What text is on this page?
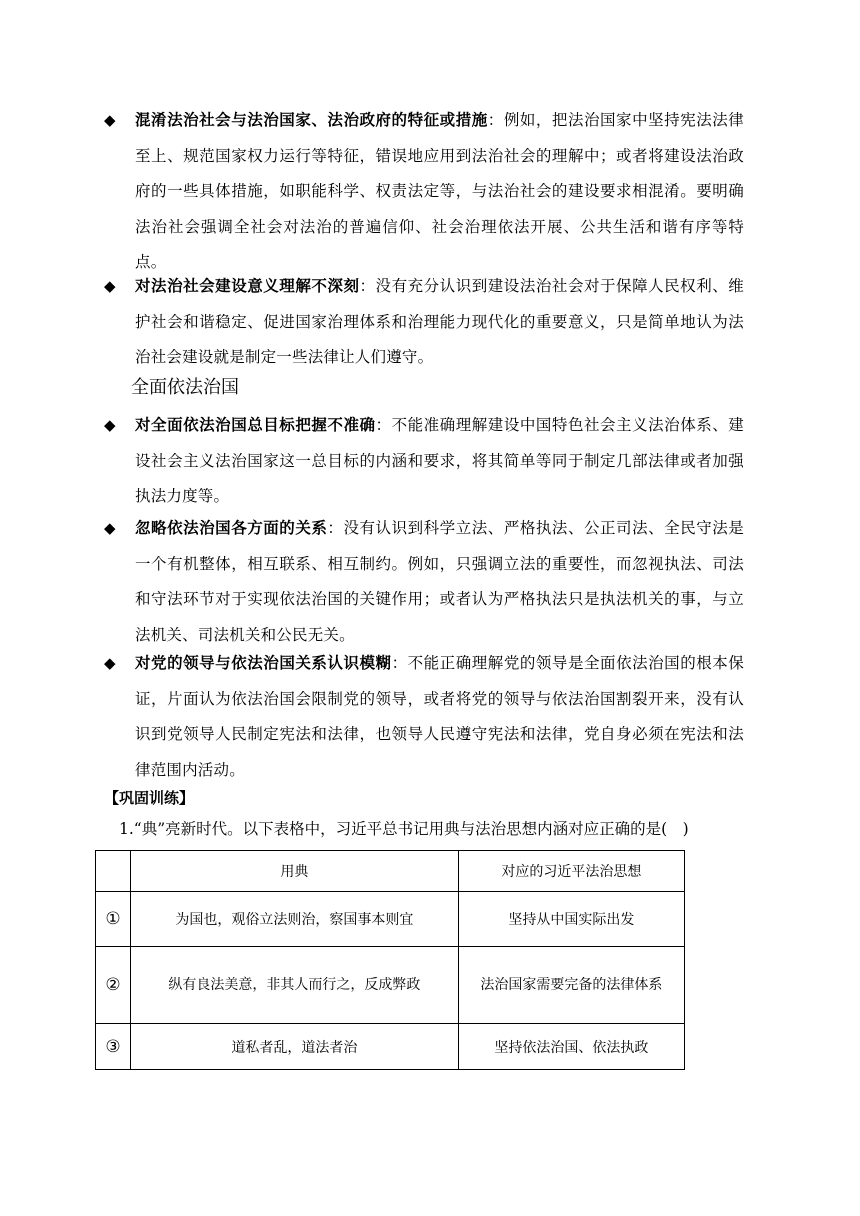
◆ 混淆法治社会与法治国家、法治政府的特征或措施：例如，把法治国家中坚持宪法法律至上、规范国家权力运行等特征，错误地应用到法治社会的理解中；或者将建设法治政府的一些具体措施，如职能科学、权责法定等，与法治社会的建设要求相混淆。要明确法治社会强调全社会对法治的普遍信仰、社会治理依法开展、公共生活和谐有序等特点。
◆ 对法治社会建设意义理解不深刻：没有充分认识到建设法治社会对于保障人民权利、维护社会和谐稳定、促进国家治理体系和治理能力现代化的重要意义，只是简单地认为法治社会建设就是制定一些法律让人们遵守。
全面依法治国
◆ 对全面依法治国总目标把握不准确：不能准确理解建设中国特色社会主义法治体系、建设社会主义法治国家这一总目标的内涵和要求，将其简单等同于制定几部法律或者加强执法力度等。
◆ 忽略依法治国各方面的关系：没有认识到科学立法、严格执法、公正司法、全民守法是一个有机整体，相互联系、相互制约。例如，只强调立法的重要性，而忽视执法、司法和守法环节对于实现依法治国的关键作用；或者认为严格执法只是执法机关的事，与立法机关、司法机关和公民无关。
◆ 对党的领导与依法治国关系认识模糊：不能正确理解党的领导是全面依法治国的根本保证，片面认为依法治国会限制党的领导，或者将党的领导与依法治国割裂开来，没有认识到党领导人民制定宪法和法律，也领导人民遵守宪法和法律，党自身必须在宪法和法律范围内活动。
【巩固训练】
1.“典”亮新时代。以下表格中，习近平总书记用典与法治思想内涵对应正确的是(　)
	用典	对应的习近平法治思想
①	为国也，观俗立法则治，察国事本则宜	坚持从中国实际出发
②	纵有良法美意，非其人而行之，反成弊政	法治国家需要完备的法律体系
③	道私者乱，道法者治	坚持依法治国、依法执政
